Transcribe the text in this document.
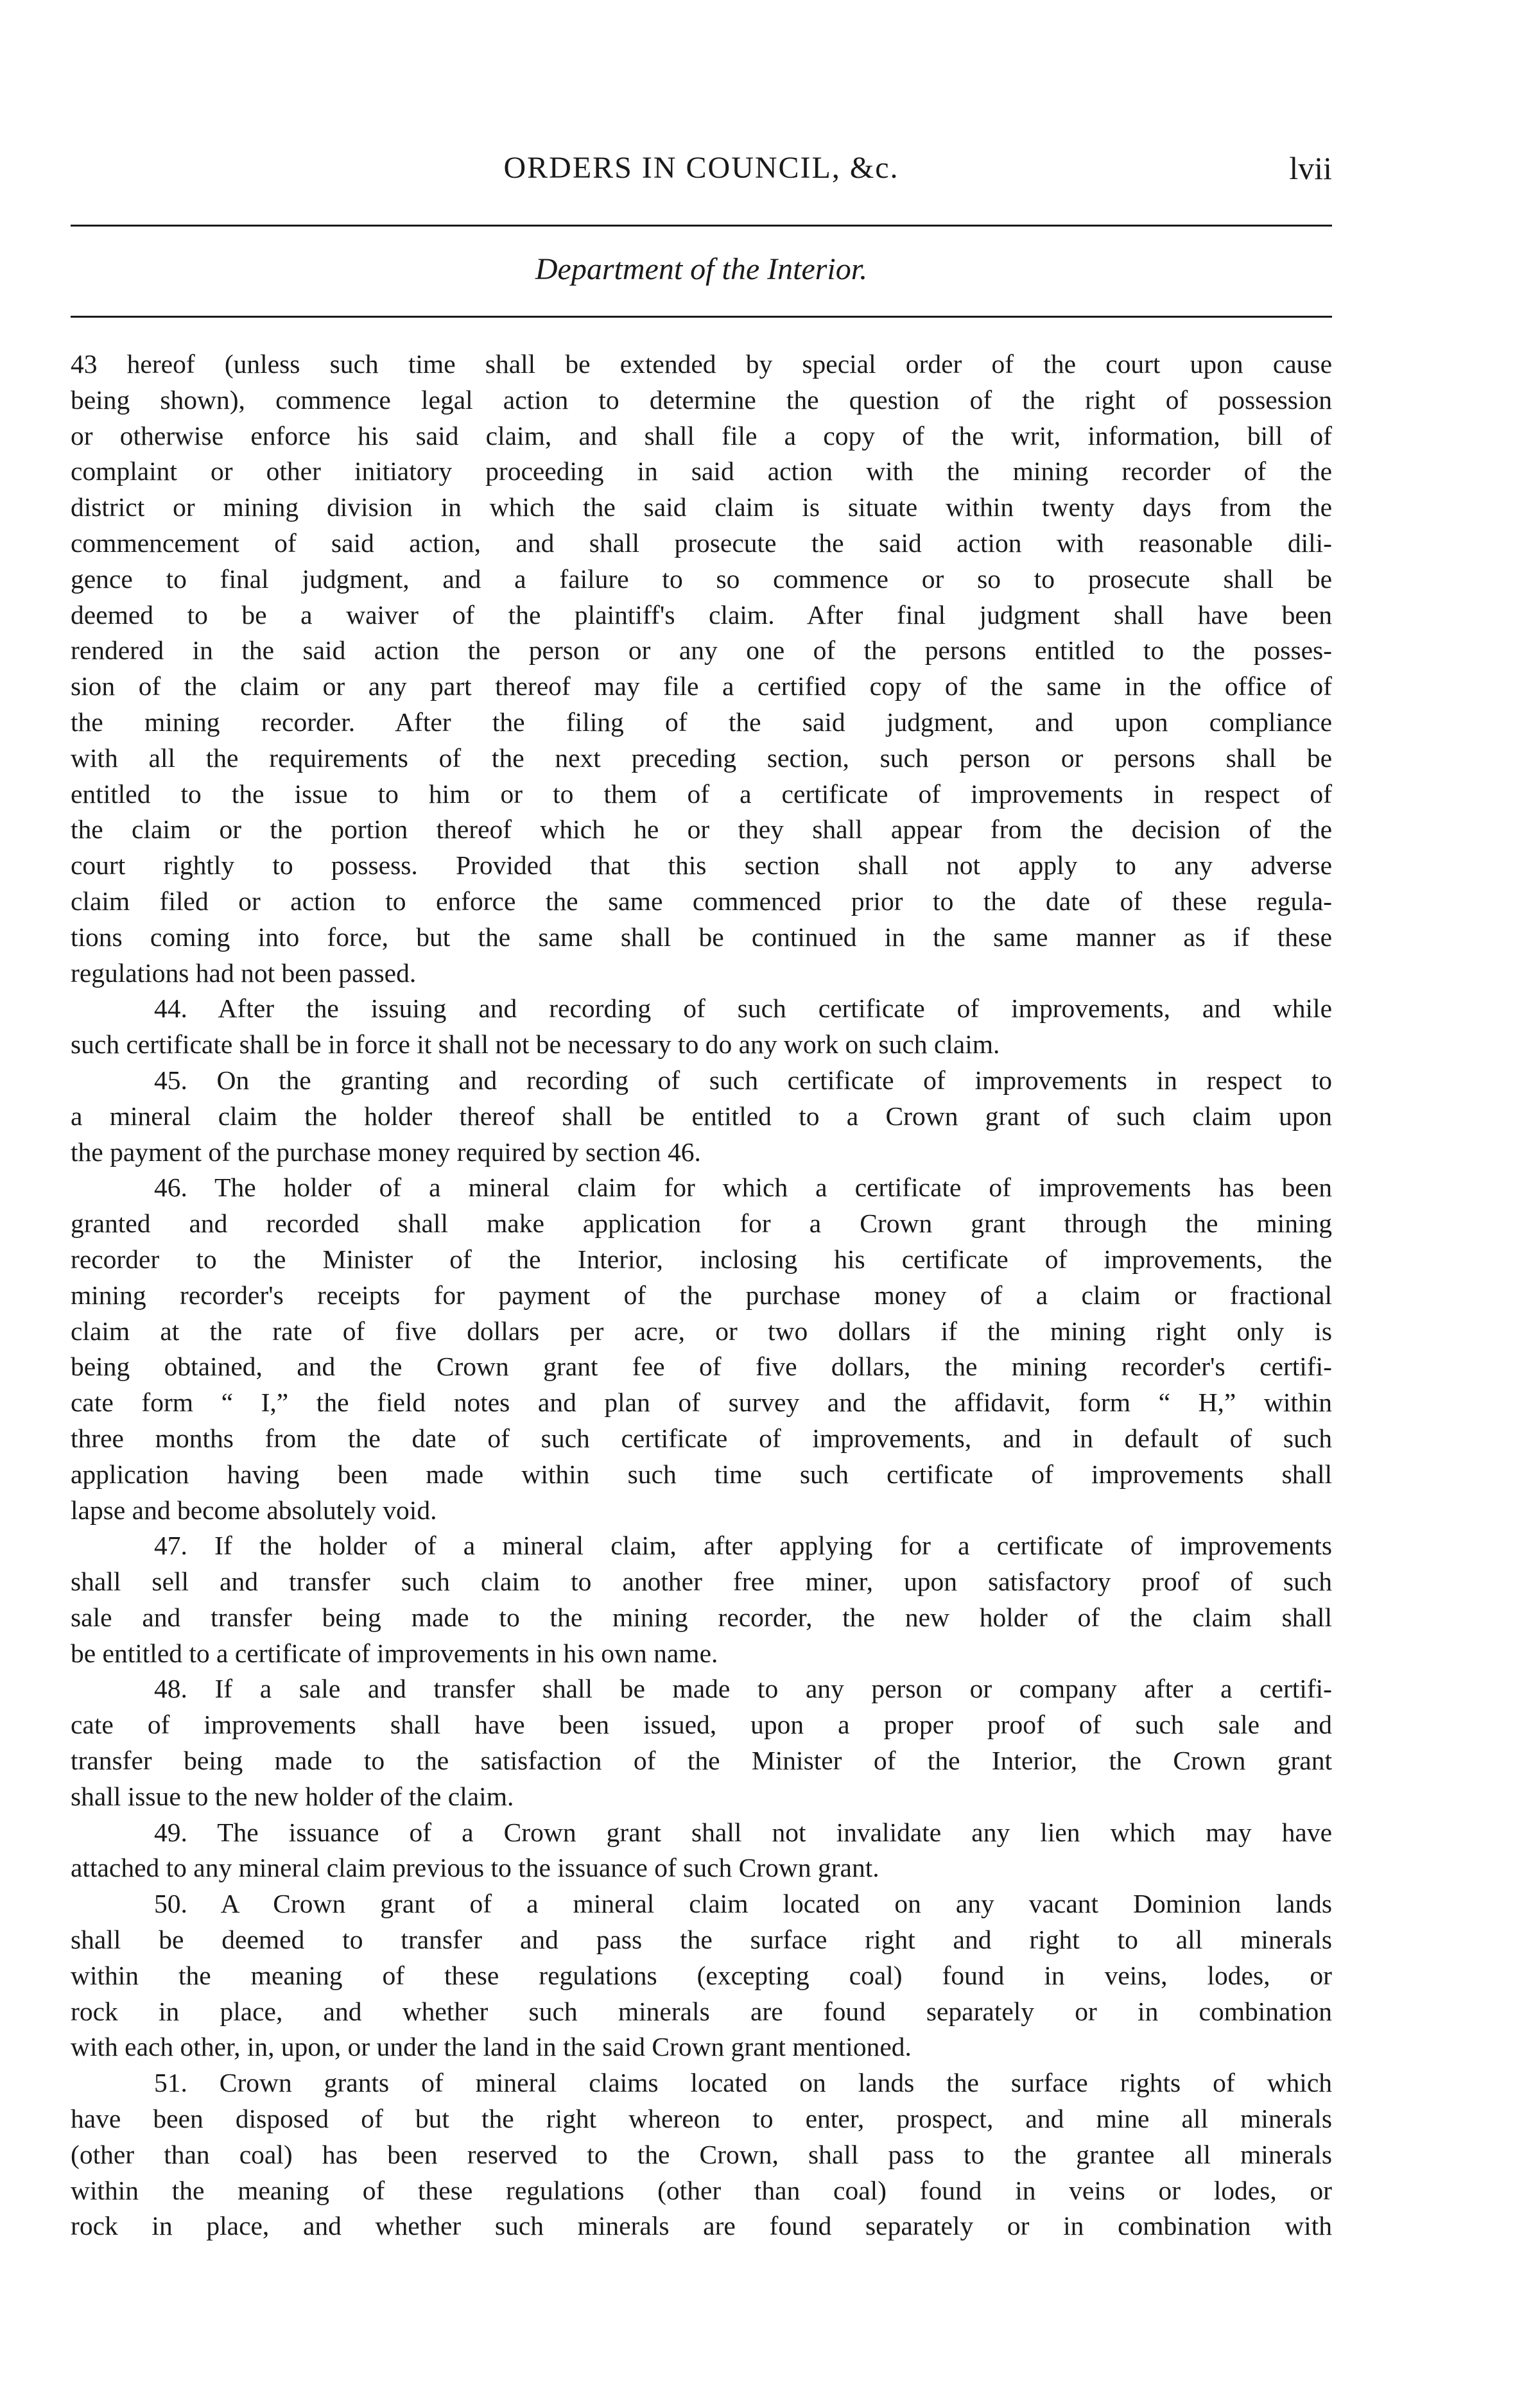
ORDERS IN COUNCIL, &c.	lvii
Department of the Interior.
43 hereof (unless such time shall be extended by special order of the court upon cause
being shown), commence legal action to determine the question of the right of possession
or otherwise enforce his said claim, and shall file a copy of the writ, information, bill of
complaint or other initiatory proceeding in said action with the mining recorder of the
district or mining division in which the said claim is situate within twenty days from the
commencement of said action, and shall prosecute the said action with reasonable dili-
gence to final judgment, and a failure to so commence or so to prosecute shall be
deemed to be a waiver of the plaintiff's claim. After final judgment shall have been
rendered in the said action the person or any one of the persons entitled to the posses-
sion of the claim or any part thereof may file a certified copy of the same in the office of
the mining recorder. After the filing of the said judgment, and upon compliance
with all the requirements of the next preceding section, such person or persons shall be
entitled to the issue to him or to them of a certificate of improvements in respect of
the claim or the portion thereof which he or they shall appear from the decision of the
court rightly to possess. Provided that this section shall not apply to any adverse
claim filed or action to enforce the same commenced prior to the date of these regula-
tions coming into force, but the same shall be continued in the same manner as if these
regulations had not been passed.
44. After the issuing and recording of such certificate of improvements, and while
such certificate shall be in force it shall not be necessary to do any work on such claim.
45. On the granting and recording of such certificate of improvements in respect to
a mineral claim the holder thereof shall be entitled to a Crown grant of such claim upon
the payment of the purchase money required by section 46.
46. The holder of a mineral claim for which a certificate of improvements has been
granted and recorded shall make application for a Crown grant through the mining
recorder to the Minister of the Interior, inclosing his certificate of improvements, the
mining recorder's receipts for payment of the purchase money of a claim or fractional
claim at the rate of five dollars per acre, or two dollars if the mining right only is
being obtained, and the Crown grant fee of five dollars, the mining recorder's certifi-
cate form “ I,” the field notes and plan of survey and the affidavit, form “ H,” within
three months from the date of such certificate of improvements, and in default of such
application having been made within such time such certificate of improvements shall
lapse and become absolutely void.
47. If the holder of a mineral claim, after applying for a certificate of improvements
shall sell and transfer such claim to another free miner, upon satisfactory proof of such
sale and transfer being made to the mining recorder, the new holder of the claim shall
be entitled to a certificate of improvements in his own name.
48. If a sale and transfer shall be made to any person or company after a certifi-
cate of improvements shall have been issued, upon a proper proof of such sale and
transfer being made to the satisfaction of the Minister of the Interior, the Crown grant
shall issue to the new holder of the claim.
49. The issuance of a Crown grant shall not invalidate any lien which may have
attached to any mineral claim previous to the issuance of such Crown grant.
50. A Crown grant of a mineral claim located on any vacant Dominion lands
shall be deemed to transfer and pass the surface right and right to all minerals
within the meaning of these regulations (excepting coal) found in veins, lodes, or
rock in place, and whether such minerals are found separately or in combination
with each other, in, upon, or under the land in the said Crown grant mentioned.
51. Crown grants of mineral claims located on lands the surface rights of which
have been disposed of but the right whereon to enter, prospect, and mine all minerals
(other than coal) has been reserved to the Crown, shall pass to the grantee all minerals
within the meaning of these regulations (other than coal) found in veins or lodes, or
rock in place, and whether such minerals are found separately or in combination with
